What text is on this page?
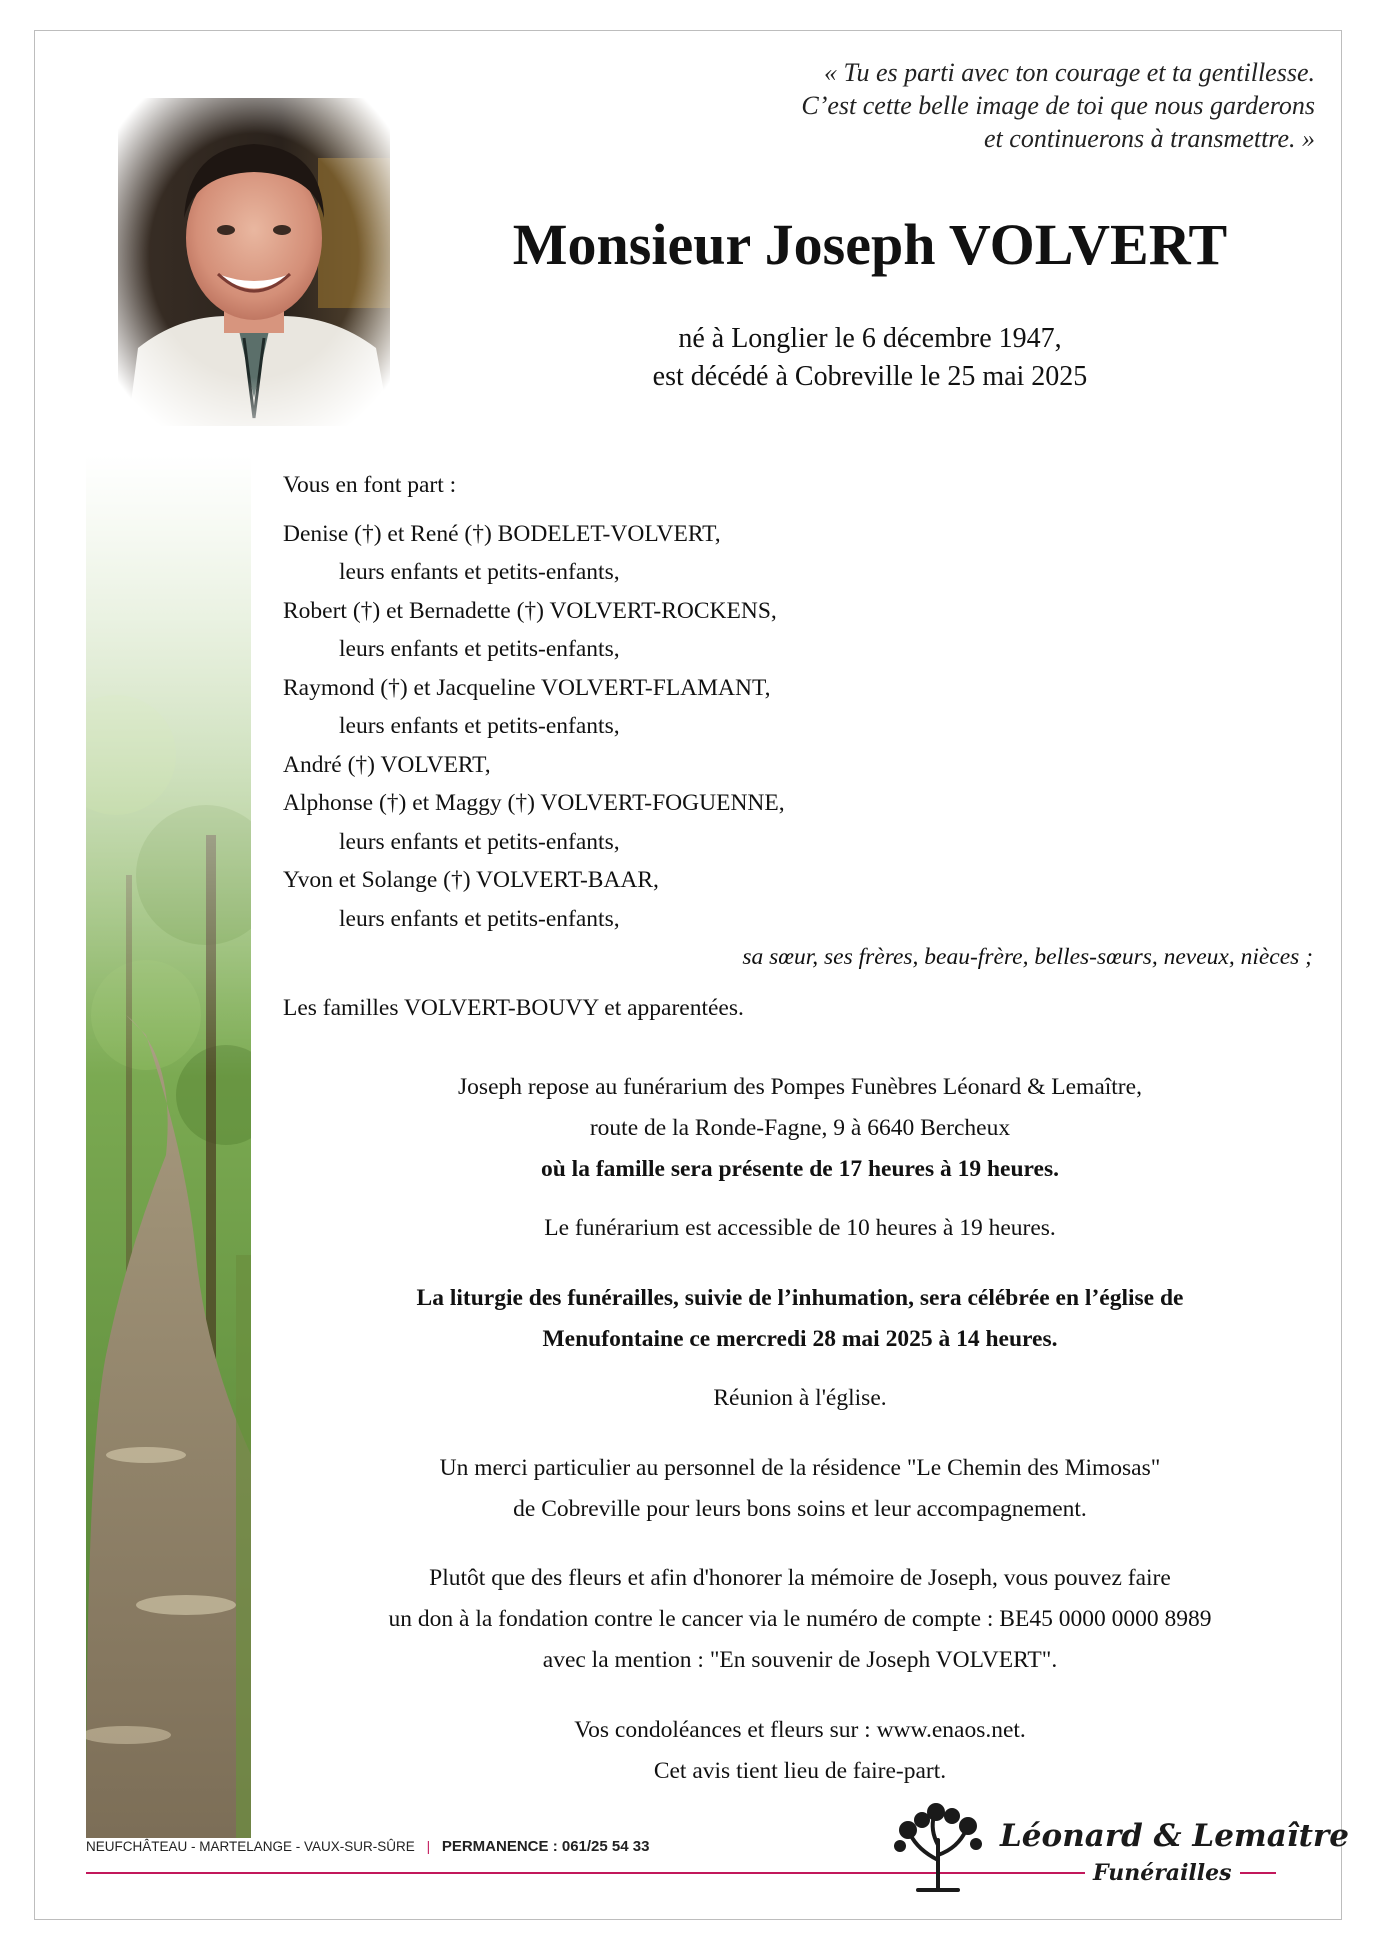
« Tu es parti avec ton courage et ta gentillesse.
C’est cette belle image de toi que nous garderons
et continuerons à transmettre. »
Monsieur Joseph VOLVERT
né à Longlier le 6 décembre 1947,
est décédé à Cobreville le 25 mai 2025
Vous en font part :
Denise (†) et René (†) BODELET-VOLVERT,
leurs enfants et petits-enfants,
Robert (†) et Bernadette (†) VOLVERT-ROCKENS,
leurs enfants et petits-enfants,
Raymond (†) et Jacqueline VOLVERT-FLAMANT,
leurs enfants et petits-enfants,
André (†) VOLVERT,
Alphonse (†) et Maggy (†) VOLVERT-FOGUENNE,
leurs enfants et petits-enfants,
Yvon et Solange (†) VOLVERT-BAAR,
leurs enfants et petits-enfants,
sa sœur, ses frères, beau-frère, belles-sœurs, neveux, nièces ;
Les familles VOLVERT-BOUVY et apparentées.
Joseph repose au funérarium des Pompes Funèbres Léonard & Lemaître,
route de la Ronde-Fagne, 9 à 6640 Bercheux
où la famille sera présente de 17 heures à 19 heures.
Le funérarium est accessible de 10 heures à 19 heures.
La liturgie des funérailles, suivie de l’inhumation, sera célébrée en l’église de
Menufontaine ce mercredi 28 mai 2025 à 14 heures.
Réunion à l'église.
Un merci particulier au personnel de la résidence "Le Chemin des Mimosas"
de Cobreville pour leurs bons soins et leur accompagnement.
Plutôt que des fleurs et afin d'honorer la mémoire de Joseph, vous pouvez faire
un don à la fondation contre le cancer via le numéro de compte : BE45 0000 0000 8989
avec la mention : "En souvenir de Joseph VOLVERT".
Vos condoléances et fleurs sur : www.enaos.net.
Cet avis tient lieu de faire-part.
NEUFCHÂTEAU - MARTELANGE - VAUX-SUR-SÛRE | PERMANENCE : 061/25 54 33	Léonard & Lemaître
Funérailles
